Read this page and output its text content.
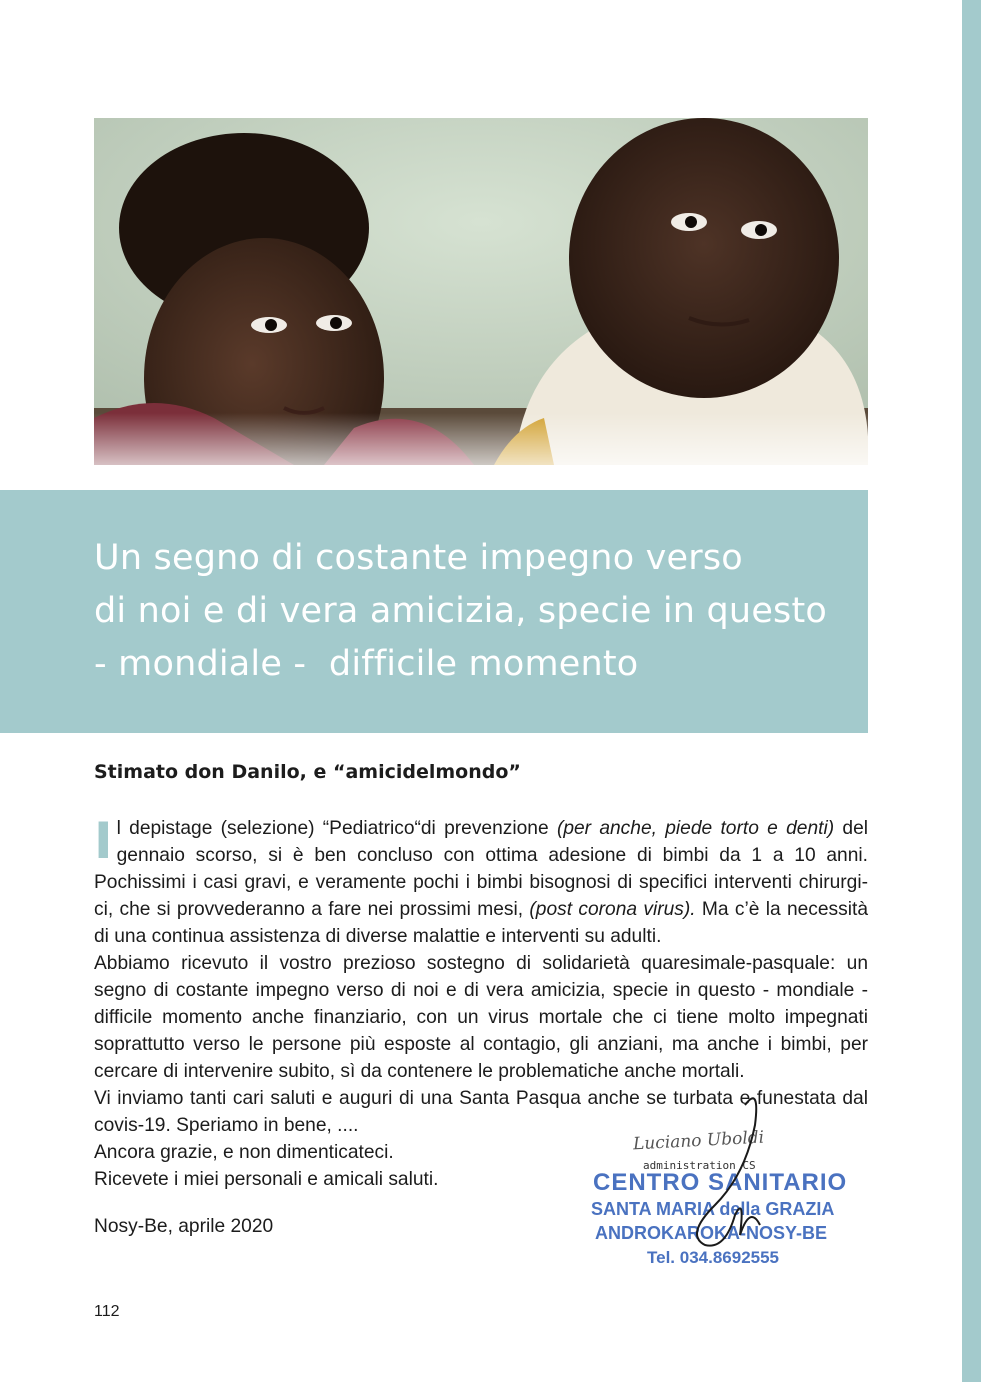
Un segno di costante impegno verso
di noi e di vera amicizia, specie in questo
- mondiale -  difficile momento

Stimato don Danilo, e “amicidelmondo”

Il depistage (selezione) “Pediatrico“di prevenzione (per anche, piede torto e denti) del gennaio scorso, si è ben concluso con ottima adesione di bimbi da 1 a 10 anni. Pochissimi i casi gravi, e veramente pochi i bimbi bisognosi di specifici interventi chirurgi-ci, che si provvederanno a fare nei prossimi mesi, (post corona virus). Ma c’è la necessità di una continua assistenza di diverse malattie e interventi su adulti.

Abbiamo ricevuto il vostro prezioso sostegno di solidarietà quaresimale-pasquale: un segno di costante impegno verso di noi e di vera amicizia, specie in questo - mondiale - difficile momento anche finanziario, con un virus mortale che ci tiene molto impegnati soprattutto verso le persone più esposte al contagio, gli anziani, ma anche i bimbi, per cercare di intervenire subito, sì da contenere le problematiche anche mortali.

Vi inviamo tanti cari saluti e auguri di una Santa Pasqua anche se turbata e funestata dal covis-19. Speriamo in bene, ....

Ancora grazie, e non dimenticateci.

Ricevete i miei personali e amicali saluti.

Nosy-Be, aprile 2020

Luciano Uboldi
administration CS
CENTRO SANITARIO
SANTA MARIA della GRAZIA
ANDROKAROKA-NOSY-BE
Tel. 034.8692555

112
